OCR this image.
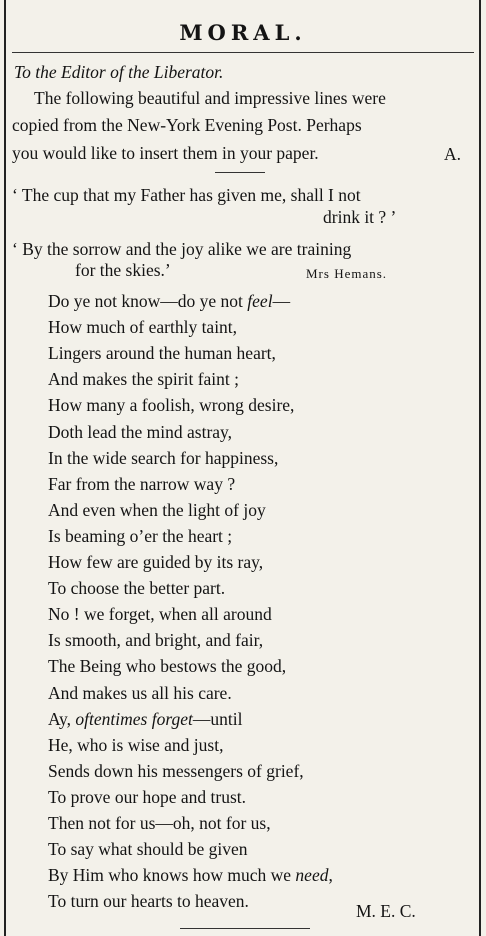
MORAL.
To the Editor of the Liberator.
The following beautiful and impressive lines were
copied from the New-York Evening Post. Perhaps
you would like to insert them in your paper.	A.
‘ The cup that my Father has given me, shall I not
drink it ? ’
‘ By the sorrow and the joy alike we are training
for the skies.’	Mrs Hemans.
Do ye not know—do ye not feel—
How much of earthly taint,
Lingers around the human heart,
And makes the spirit faint ;
How many a foolish, wrong desire,
Doth lead the mind astray,
In the wide search for happiness,
Far from the narrow way ?
And even when the light of joy
Is beaming o’er the heart ;
How few are guided by its ray,
To choose the better part.
No ! we forget, when all around
Is smooth, and bright, and fair,
The Being who bestows the good,
And makes us all his care.
Ay, oftentimes forget—until
He, who is wise and just,
Sends down his messengers of grief,
To prove our hope and trust.
Then not for us—oh, not for us,
To say what should be given
By Him who knows how much we need,
To turn our hearts to heaven.	M. E. C.
